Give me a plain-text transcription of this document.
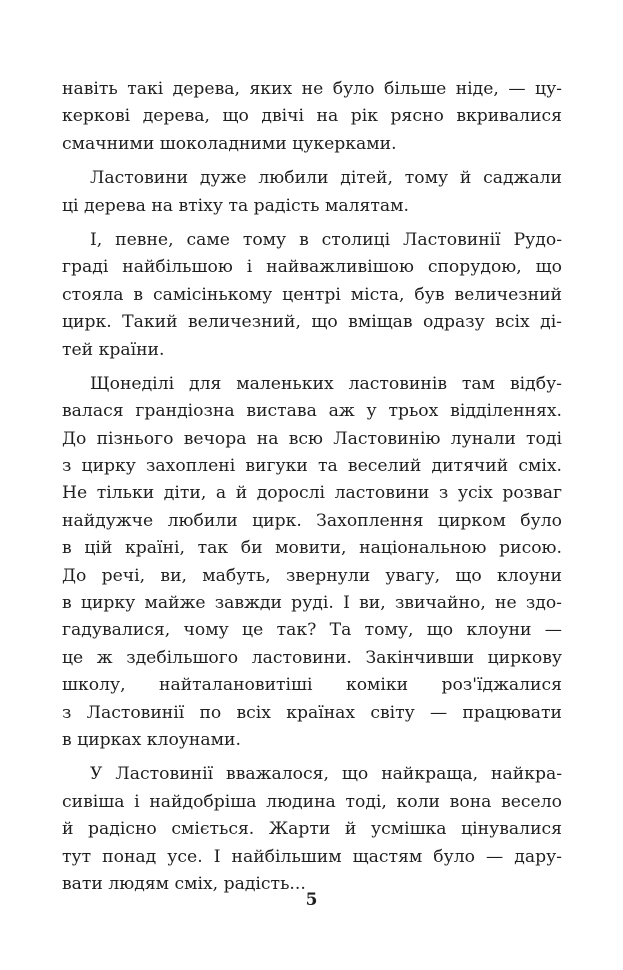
навіть такі дерева, яких не було більше ніде, — цу-
керкові дерева, що двічі на рік рясно вкривалися
смачними шоколадними цукерками.
Ластовини дуже любили дітей, тому й саджали
ці дерева на втіху та радість малятам.
І, певне, саме тому в столиці Ластовинії Рудо-
граді найбільшою і найважливішою спорудою, що
стояла в самісінькому центрі міста, був величезний
цирк. Такий величезний, що вміщав одразу всіх ді-
тей країни.
Щонеділі для маленьких ластовинів там відбу-
валася грандіозна вистава аж у трьох відділеннях.
До пізнього вечора на всю Ластовинію лунали тоді
з цирку захоплені вигуки та веселий дитячий сміх.
Не тільки діти, а й дорослі ластовини з усіх розваг
найдужче любили цирк. Захоплення цирком було
в цій країні, так би мовити, національною рисою.
До речі, ви, мабуть, звернули увагу, що клоуни
в цирку майже завжди руді. І ви, звичайно, не здо-
гадувалися, чому це так? Та тому, що клоуни —
це ж здебільшого ластовини. Закінчивши циркову
школу, найталановитіші коміки роз'їджалися
з Ластовинії по всіх країнах світу — працювати
в цирках клоунами.
У Ластовинії вважалося, що найкраща, найкра-
сивіша і найдобріша людина тоді, коли вона весело
й радісно сміється. Жарти й усмішка цінувалися
тут понад усе. І найбільшим щастям було — дару-
вати людям сміх, радість...
5
